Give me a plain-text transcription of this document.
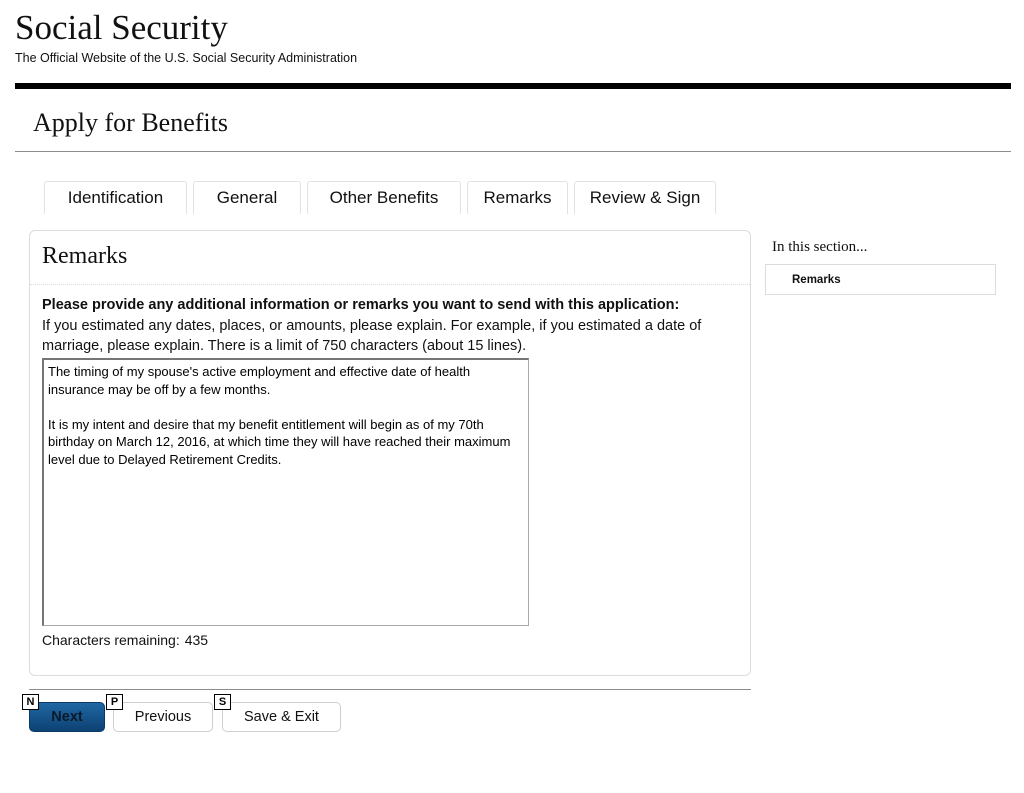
Social Security
The Official Website of the U.S. Social Security Administration
Apply for Benefits
Identification	General	Other Benefits	Remarks	Review & Sign
Remarks
Please provide any additional information or remarks you want to send with this application:
If you estimated any dates, places, or amounts, please explain. For example, if you estimated a date of marriage, please explain. There is a limit of 750 characters (about 15 lines).
The timing of my spouse's active employment and effective date of health insurance may be off by a few months.

It is my intent and desire that my benefit entitlement will begin as of my 70th birthday on March 12, 2016, at which time they will have reached their maximum level due to Delayed Retirement Credits.
Characters remaining: 435
In this section...
Remarks
Next	Previous	Save & Exit
N	P	S
